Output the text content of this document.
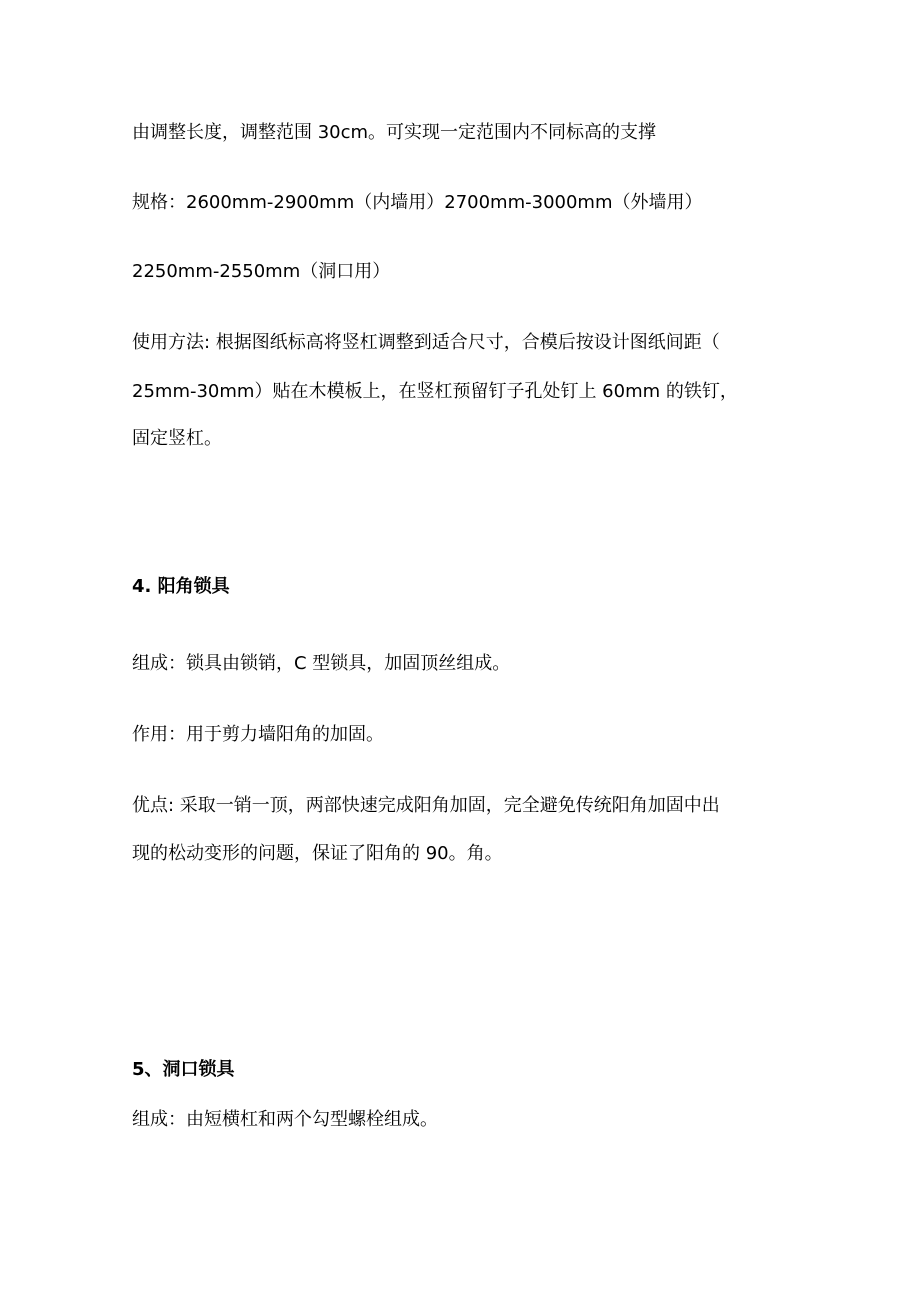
由调整长度，调整范围 30cm。可实现一定范围内不同标高的支撑
规格：2600mm-2900mm（内墙用）2700mm-3000mm（外墙用）
2250mm-2550mm（洞口用）
使用方法: 根据图纸标高将竖杠调整到适合尺寸，合模后按设计图纸间距（
25mm-30mm）贴在木模板上，在竖杠预留钉子孔处钉上 60mm 的铁钉，
固定竖杠。
4. 阳角锁具
组成：锁具由锁销，C 型锁具，加固顶丝组成。
作用：用于剪力墙阳角的加固。
优点: 采取一销一顶，两部快速完成阳角加固，完全避免传统阳角加固中出
现的松动变形的问题，保证了阳角的 90。角。
5、洞口锁具
组成：由短横杠和两个勾型螺栓组成。
